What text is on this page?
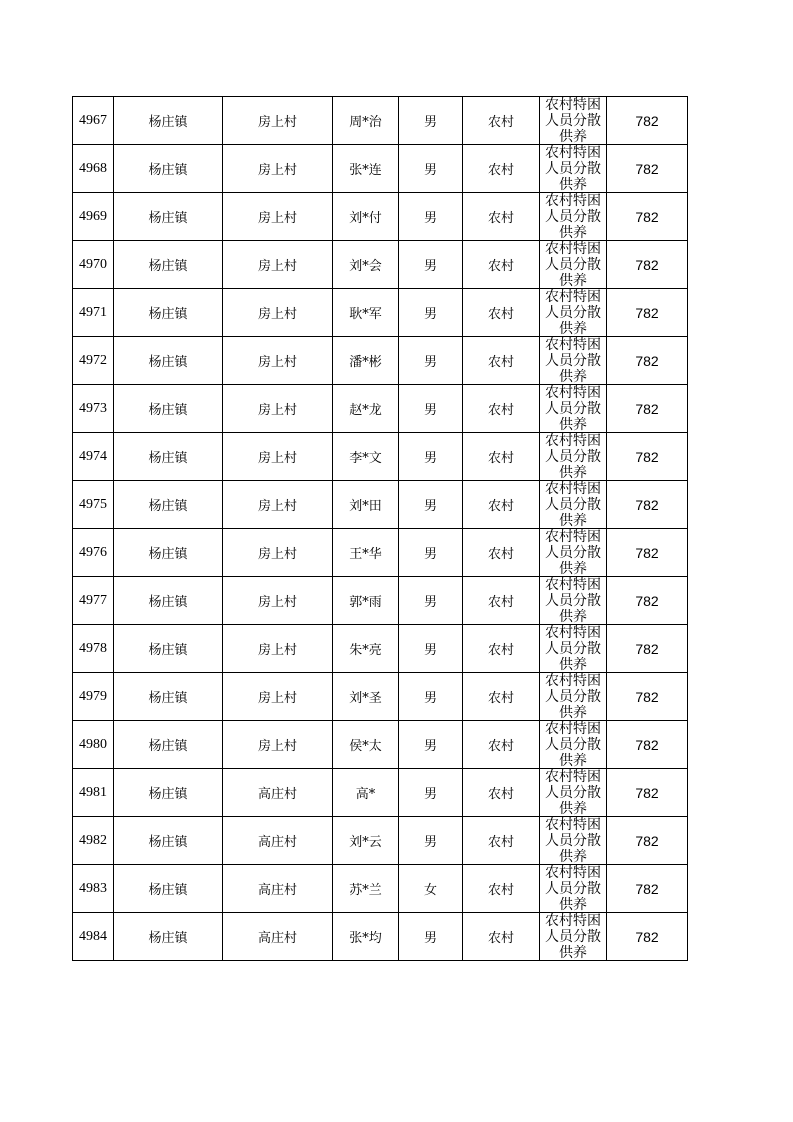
4967	杨庄镇	房上村	周*治	男	农村	农村特困人员分散供养	782
4968	杨庄镇	房上村	张*连	男	农村	农村特困人员分散供养	782
4969	杨庄镇	房上村	刘*付	男	农村	农村特困人员分散供养	782
4970	杨庄镇	房上村	刘*会	男	农村	农村特困人员分散供养	782
4971	杨庄镇	房上村	耿*军	男	农村	农村特困人员分散供养	782
4972	杨庄镇	房上村	潘*彬	男	农村	农村特困人员分散供养	782
4973	杨庄镇	房上村	赵*龙	男	农村	农村特困人员分散供养	782
4974	杨庄镇	房上村	李*文	男	农村	农村特困人员分散供养	782
4975	杨庄镇	房上村	刘*田	男	农村	农村特困人员分散供养	782
4976	杨庄镇	房上村	王*华	男	农村	农村特困人员分散供养	782
4977	杨庄镇	房上村	郭*雨	男	农村	农村特困人员分散供养	782
4978	杨庄镇	房上村	朱*亮	男	农村	农村特困人员分散供养	782
4979	杨庄镇	房上村	刘*圣	男	农村	农村特困人员分散供养	782
4980	杨庄镇	房上村	侯*太	男	农村	农村特困人员分散供养	782
4981	杨庄镇	高庄村	高*	男	农村	农村特困人员分散供养	782
4982	杨庄镇	高庄村	刘*云	男	农村	农村特困人员分散供养	782
4983	杨庄镇	高庄村	苏*兰	女	农村	农村特困人员分散供养	782
4984	杨庄镇	高庄村	张*均	男	农村	农村特困人员分散供养	782
